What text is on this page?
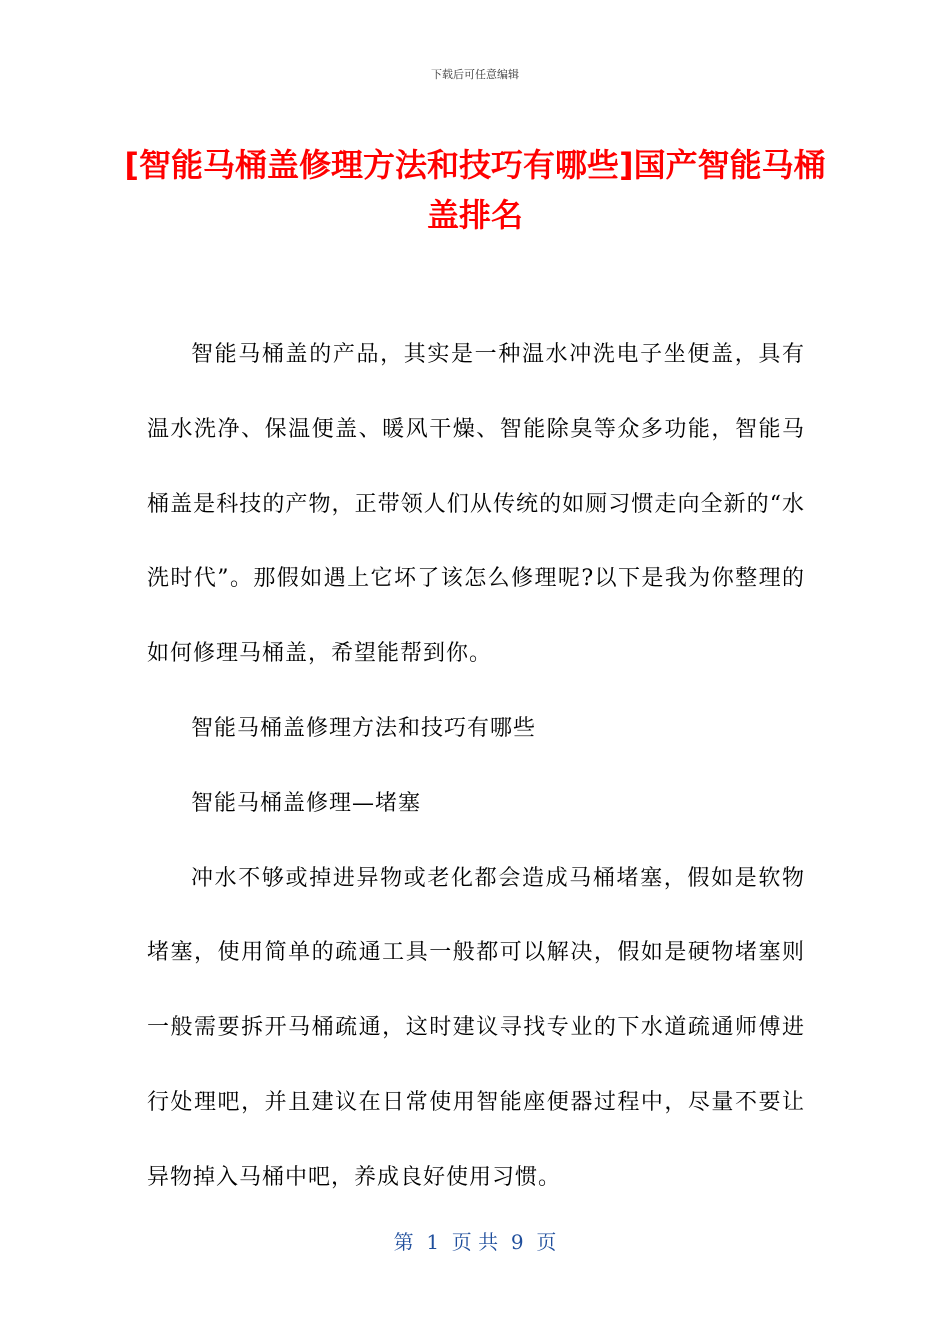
下载后可任意编辑
[智能马桶盖修理方法和技巧有哪些]国产智能马桶盖排名

智能马桶盖的产品，其实是一种温水冲洗电子坐便盖，具有温水洗净、保温便盖、暖风干燥、智能除臭等众多功能，智能马桶盖是科技的产物，正带领人们从传统的如厕习惯走向全新的“水洗时代”。那假如遇上它坏了该怎么修理呢?以下是我为你整理的如何修理马桶盖，希望能帮到你。

智能马桶盖修理方法和技巧有哪些

智能马桶盖修理—堵塞

冲水不够或掉进异物或老化都会造成马桶堵塞，假如是软物堵塞，使用简单的疏通工具一般都可以解决，假如是硬物堵塞则一般需要拆开马桶疏通，这时建议寻找专业的下水道疏通师傅进行处理吧，并且建议在日常使用智能座便器过程中，尽量不要让异物掉入马桶中吧，养成良好使用习惯。

第  1  页 共  9  页
